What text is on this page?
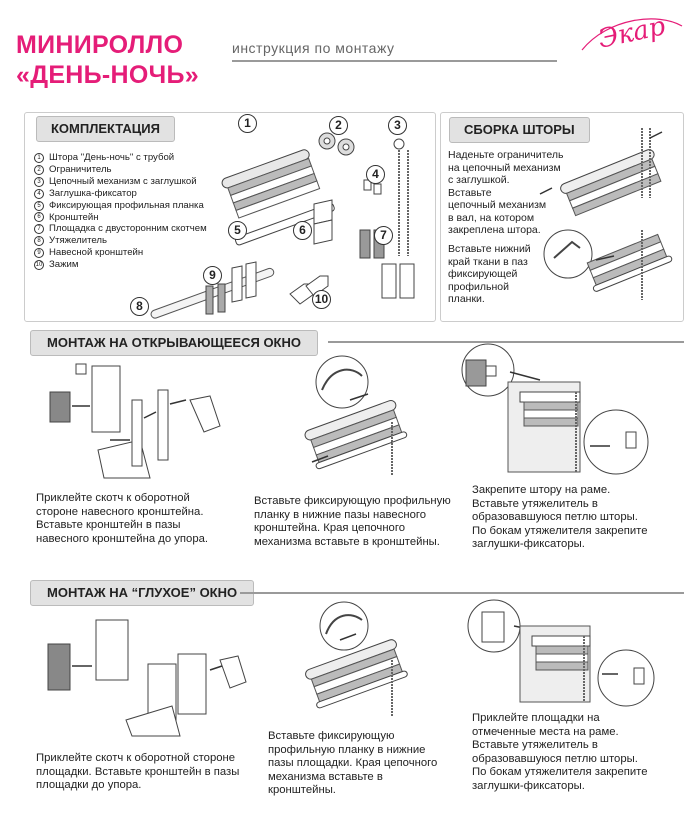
МИНИРОЛЛО
«ДЕНЬ-НОЧЬ»
инструкция по монтажу	Экар
КОМПЛЕКТАЦИЯ
1 Штора "День-ночь" с трубой
2 Ограничитель
3 Цепочный механизм с заглушкой
4 Заглушка-фиксатор
5 Фиксирующая профильная планка
6 Кронштейн
7 Площадка с двусторонним скотчем
8 Утяжелитель
9 Навесной кронштейн
10 Зажим
1	2	3
4
5	6	7
8
9
10
СБОРКА ШТОРЫ
Наденьте ограничитель
на цепочный механизм
с заглушкой.
Вставьте
цепочный механизм
в вал, на котором
закреплена штора.
Вставьте нижний
край ткани в паз
фиксирующей
профильной
планки.
МОНТАЖ НА ОТКРЫВАЮЩЕЕСЯ ОКНО
Приклейте скотч к оборотной
стороне навесного кронштейна.
Вставьте кронштейн в пазы
навесного кронштейна до упора.
Вставьте фиксирующую профильную
планку в нижние пазы навесного
кронштейна. Края цепочного
механизма вставьте в кронштейны.
Закрепите штору на раме.
Вставьте утяжелитель в
образовавшуюся петлю шторы.
По бокам утяжелителя закрепите
заглушки-фиксаторы.
МОНТАЖ НА “ГЛУХОЕ” ОКНО
Приклейте скотч к оборотной стороне
площадки. Вставьте кронштейн в пазы
площадки до упора.
Вставьте фиксирующую
профильную планку в нижние
пазы площадки. Края цепочного
механизма вставьте в
кронштейны.
Приклейте площадки на
отмеченные места на раме.
Вставьте утяжелитель в
образовавшуюся петлю шторы.
По бокам утяжелителя закрепите
заглушки-фиксаторы.
